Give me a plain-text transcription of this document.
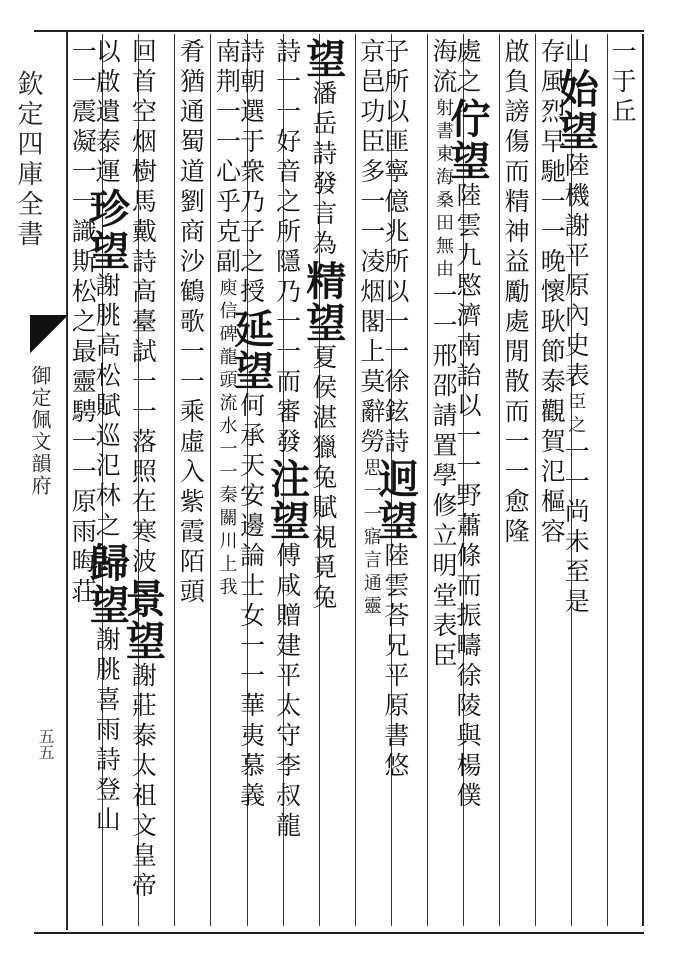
欽定四庫全書
御定佩文韻府
五五
一于丘
山始望陸機謝平原內史表臣之一一尚未至是
存風烈早馳一一晚懷耿節泰觀賀氾樞容
啟負謗傷而精神益勵處閒散而一一愈隆
處之佇望陸雲九愍濟南詒以一一野蕭條而振疇徐陵與楊僕
海流射書東海桑田無由一一邢邵請置學修立明堂表臣
子所以匪寧億兆所以一一徐鉉詩迥望陸雲荅兄平原書悠
京邑功臣多一一凌烟閣上莫辭勞思一一寤言通靈
望潘岳詩發言為精望夏侯湛獵兔賦視覓兔
詩一一好音之所隱乃一一而審發注望傅咸贈建平太守李叔龍
詩朝選于衆乃子之授延望何承天安邊論士女一一華夷慕義
南荆一一心乎克副庾信碑龍頭流水一一秦關川上我
肴猶通蜀道劉商沙鶴歌一一乘虛入紫霞陌頭
回首空烟樹馬戴詩高臺試一一落照在寒波景望謝莊泰太祖文皇帝
以啟遺泰運珍望謝朓高松賦巡氾林之歸望謝朓喜雨詩登山
一一震凝一一識斯松之最靈騁一一原雨晦荘
